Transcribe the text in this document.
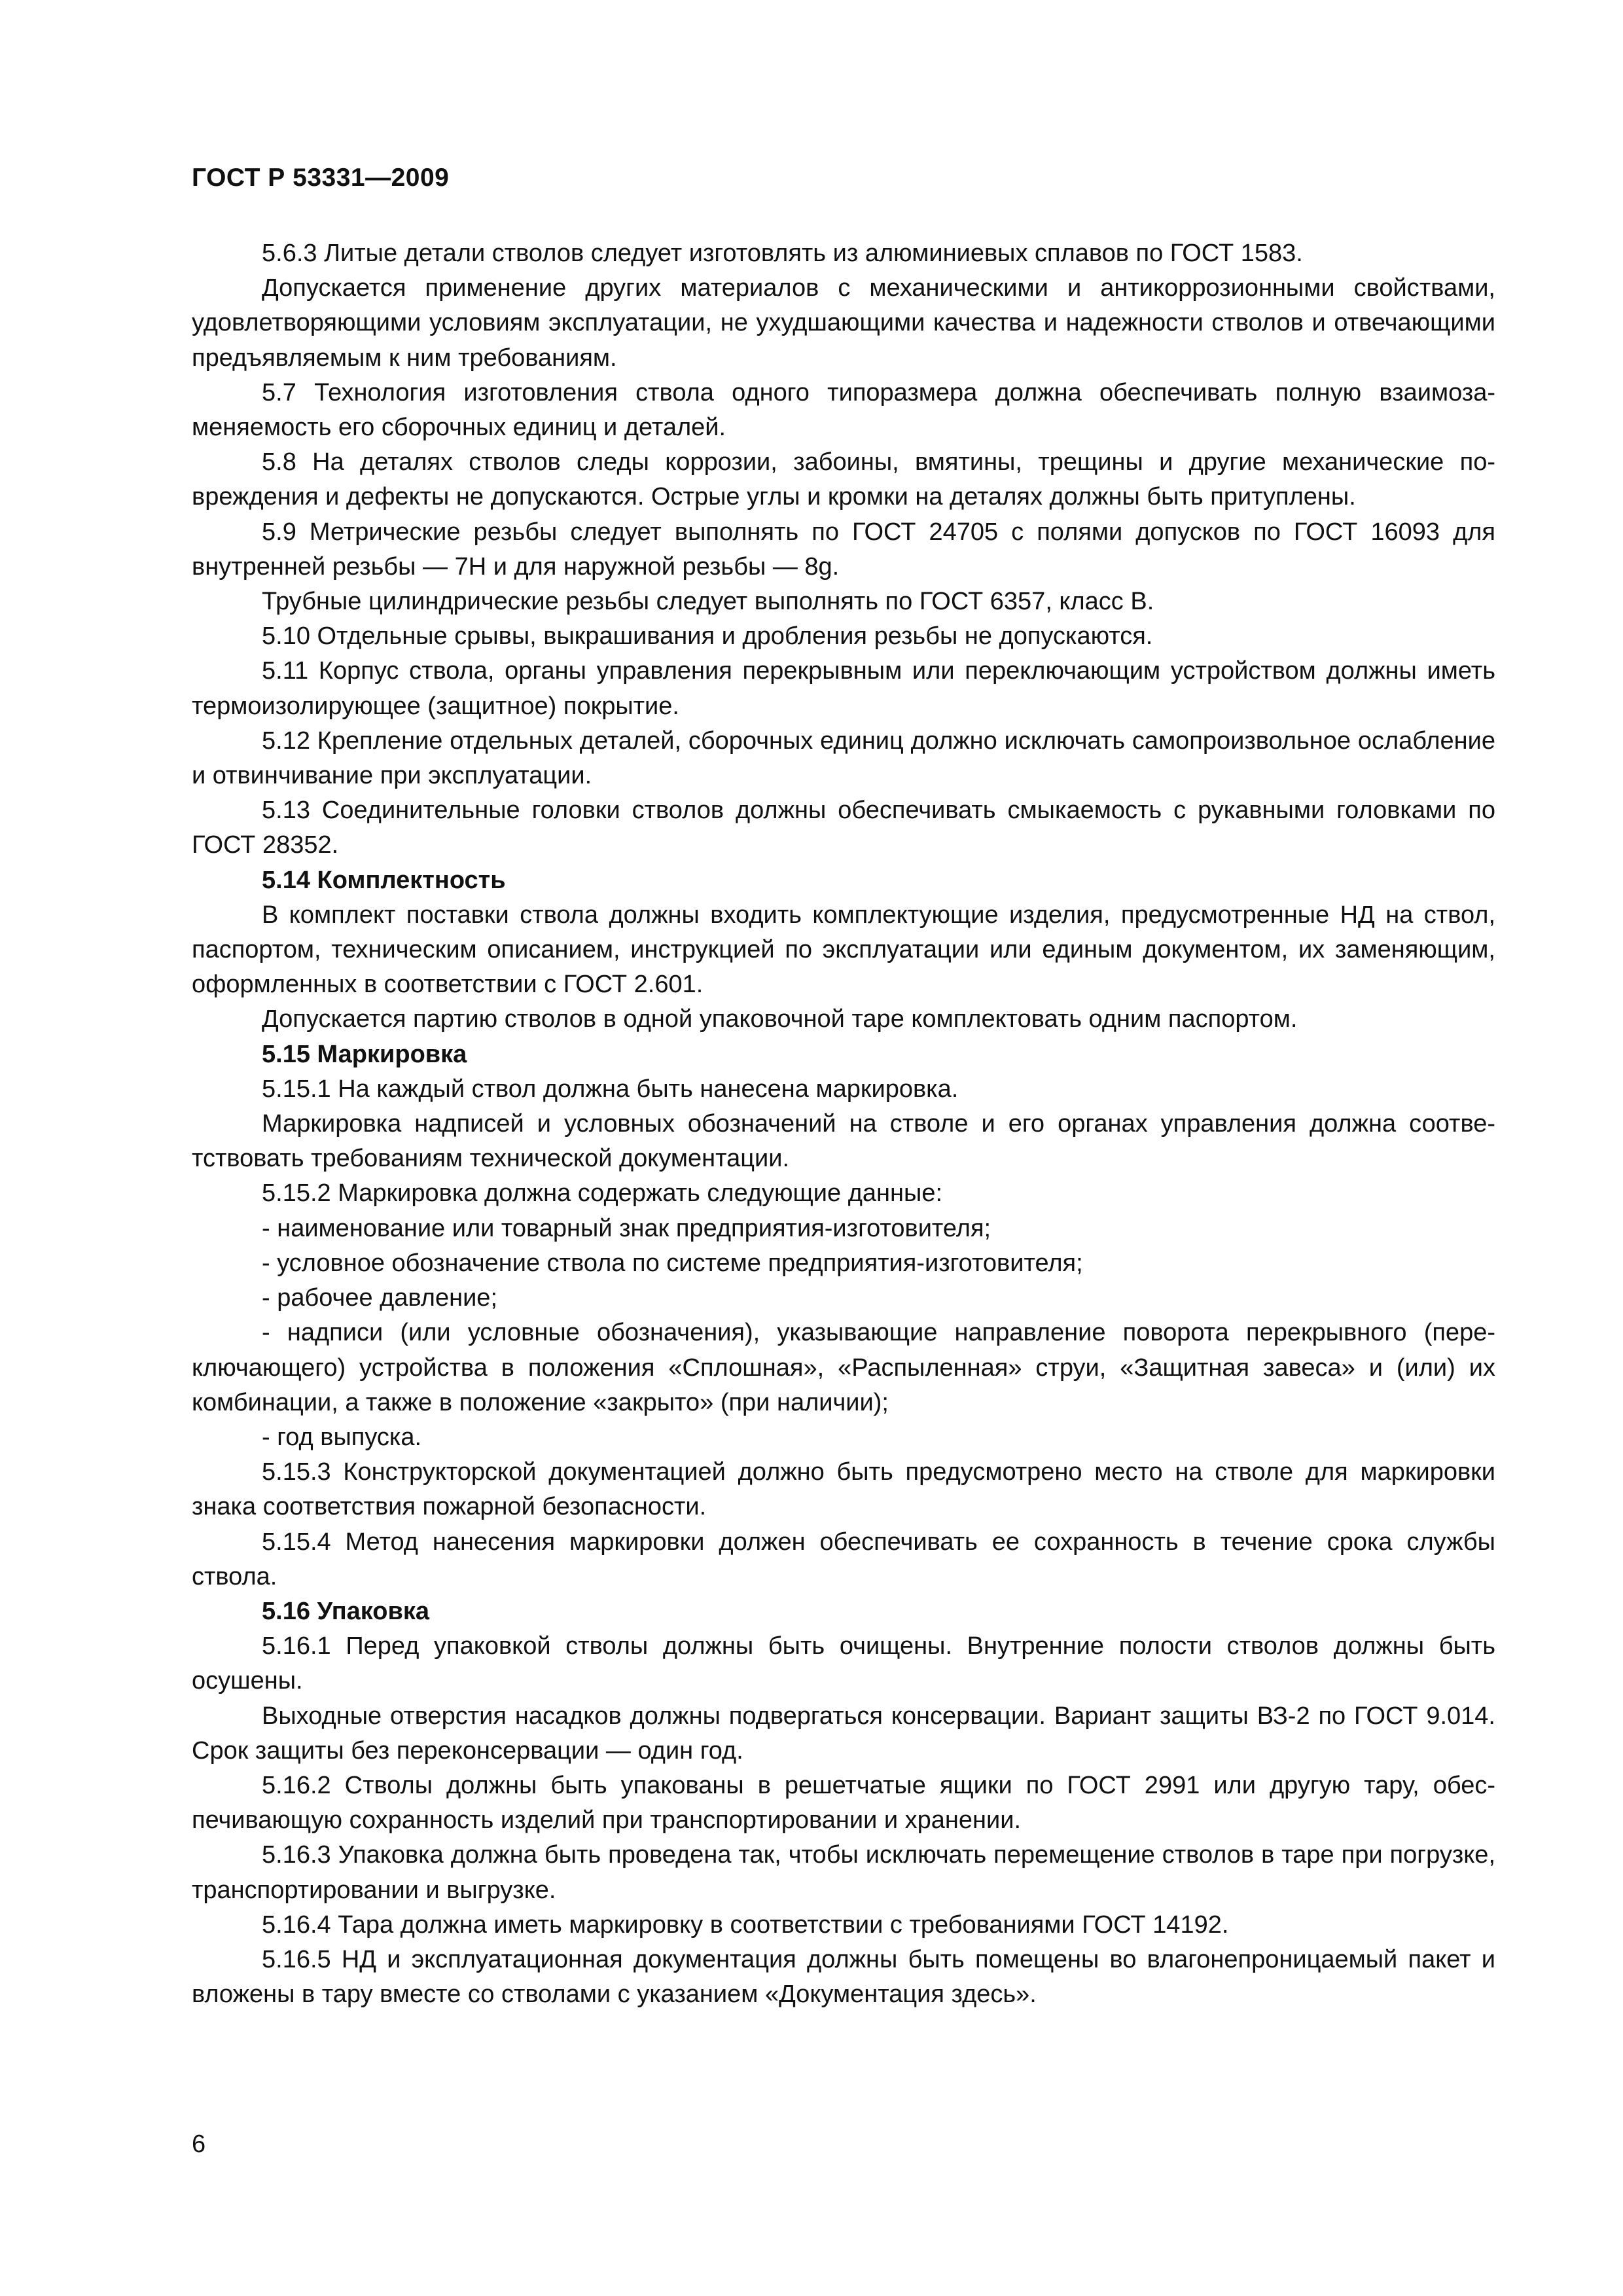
ГОСТ Р 53331—2009

5.6.3 Литые детали стволов следует изготовлять из алюминиевых сплавов по ГОСТ 1583.

Допускается применение других материалов с механическими и антикоррозионными свойствами, удовлетворяющими условиям эксплуатации, не ухудшающими качества и надежности стволов и отвечающими предъявляемым к ним требованиям.

5.7 Технология изготовления ствола одного типоразмера должна обеспечивать полную взаимозаменяемость его сборочных единиц и деталей.

5.8 На деталях стволов следы коррозии, забоины, вмятины, трещины и другие механические повреждения и дефекты не допускаются. Острые углы и кромки на деталях должны быть притуплены.

5.9 Метрические резьбы следует выполнять по ГОСТ 24705 с полями допусков по ГОСТ 16093 для внутренней резьбы — 7Н и для наружной резьбы — 8g.

Трубные цилиндрические резьбы следует выполнять по ГОСТ 6357, класс В.

5.10 Отдельные срывы, выкрашивания и дробления резьбы не допускаются.

5.11 Корпус ствола, органы управления перекрывным или переключающим устройством должны иметь термоизолирующее (защитное) покрытие.

5.12 Крепление отдельных деталей, сборочных единиц должно исключать самопроизвольное ослабление и отвинчивание при эксплуатации.

5.13 Соединительные головки стволов должны обеспечивать смыкаемость с рукавными головками по ГОСТ 28352.

5.14 Комплектность

В комплект поставки ствола должны входить комплектующие изделия, предусмотренные НД на ствол, паспортом, техническим описанием, инструкцией по эксплуатации или единым документом, их заменяющим, оформленных в соответствии с ГОСТ 2.601.

Допускается партию стволов в одной упаковочной таре комплектовать одним паспортом.

5.15 Маркировка

5.15.1 На каждый ствол должна быть нанесена маркировка.

Маркировка надписей и условных обозначений на стволе и его органах управления должна соответствовать требованиям технической документации.

5.15.2 Маркировка должна содержать следующие данные:

- наименование или товарный знак предприятия-изготовителя;

- условное обозначение ствола по системе предприятия-изготовителя;

- рабочее давление;

- надписи (или условные обозначения), указывающие направление поворота перекрывного (переключающего) устройства в положения «Сплошная», «Распыленная» струи, «Защитная завеса» и (или) их комбинации, а также в положение «закрыто» (при наличии);

- год выпуска.

5.15.3 Конструкторской документацией должно быть предусмотрено место на стволе для маркировки знака соответствия пожарной безопасности.

5.15.4 Метод нанесения маркировки должен обеспечивать ее сохранность в течение срока службы ствола.

5.16 Упаковка

5.16.1 Перед упаковкой стволы должны быть очищены. Внутренние полости стволов должны быть осушены.

Выходные отверстия насадков должны подвергаться консервации. Вариант защиты ВЗ-2 по ГОСТ 9.014. Срок защиты без переконсервации — один год.

5.16.2 Стволы должны быть упакованы в решетчатые ящики по ГОСТ 2991 или другую тару, обеспечивающую сохранность изделий при транспортировании и хранении.

5.16.3 Упаковка должна быть проведена так, чтобы исключать перемещение стволов в таре при погрузке, транспортировании и выгрузке.

5.16.4 Тара должна иметь маркировку в соответствии с требованиями ГОСТ 14192.

5.16.5 НД и эксплуатационная документация должны быть помещены во влагонепроницаемый пакет и вложены в тару вместе со стволами с указанием «Документация здесь».

6
